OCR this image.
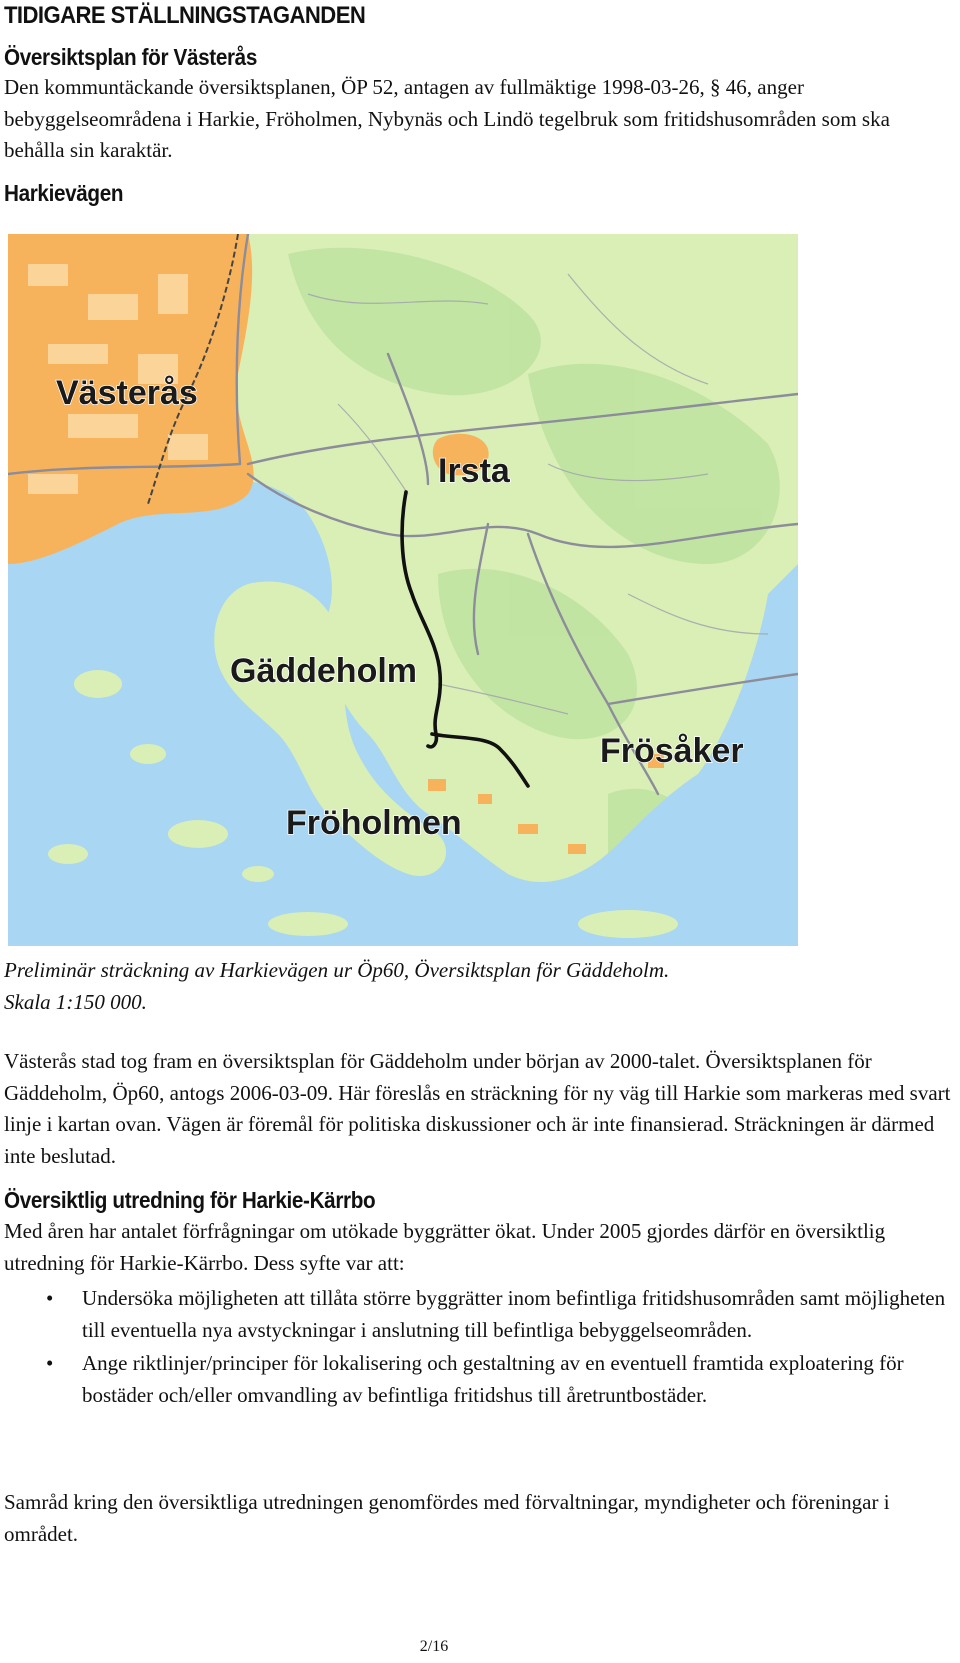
TIDIGARE STÄLLNINGSTAGANDEN
Översiktsplan för Västerås
Den kommuntäckande översiktsplanen, ÖP 52, antagen av fullmäktige 1998-03-26, § 46, anger bebyggelseområdena i Harkie, Fröholmen, Nybynäs och Lindö tegelbruk som fritidshusområden som ska behålla sin karaktär.
Harkievägen
Västerås
Irsta
Gäddeholm
Frösåker
Fröholmen
Preliminär sträckning av Harkievägen ur Öp60, Översiktsplan för Gäddeholm.
Skala 1:150 000.
Västerås stad tog fram en översiktsplan för Gäddeholm under början av 2000-talet. Översiktsplanen för Gäddeholm, Öp60, antogs 2006-03-09. Här föreslås en sträckning för ny väg till Harkie som markeras med svart linje i kartan ovan. Vägen är föremål för politiska diskussioner och är inte finansierad. Sträckningen är därmed inte beslutad.
Översiktlig utredning för Harkie-Kärrbo
Med åren har antalet förfrågningar om utökade byggrätter ökat. Under 2005 gjordes därför en översiktlig utredning för Harkie-Kärrbo. Dess syfte var att:
• Undersöka möjligheten att tillåta större byggrätter inom befintliga fritidshusområden samt möjligheten till eventuella nya avstyckningar i anslutning till befintliga bebyggelseområden.
• Ange riktlinjer/principer för lokalisering och gestaltning av en eventuell framtida exploatering för bostäder och/eller omvandling av befintliga fritidshus till åretruntbostäder.
Samråd kring den översiktliga utredningen genomfördes med förvaltningar, myndigheter och föreningar i området.
2/16
